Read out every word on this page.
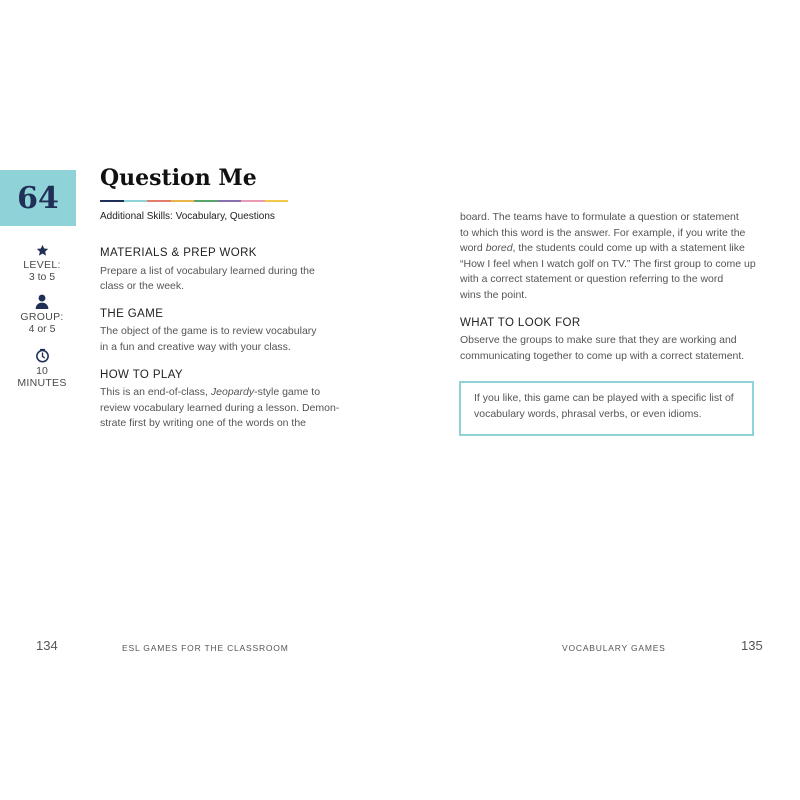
64
LEVEL:
3 to 5
GROUP:
4 or 5
10
MINUTES
Question Me
Additional Skills: Vocabulary, Questions
MATERIALS & PREP WORK
Prepare a list of vocabulary learned during the
class or the week.
THE GAME
The object of the game is to review vocabulary
in a fun and creative way with your class.
HOW TO PLAY
This is an end-of-class, Jeopardy-style game to
review vocabulary learned during a lesson. Demon-
strate first by writing one of the words on the
board. The teams have to formulate a question or statement
to which this word is the answer. For example, if you write the
word bored, the students could come up with a statement like
“How I feel when I watch golf on TV.” The first group to come up
with a correct statement or question referring to the word
wins the point.
WHAT TO LOOK FOR
Observe the groups to make sure that they are working and
communicating together to come up with a correct statement.
If you like, this game can be played with a specific list of
vocabulary words, phrasal verbs, or even idioms.
134	ESL GAMES FOR THE CLASSROOM	VOCABULARY GAMES	135
